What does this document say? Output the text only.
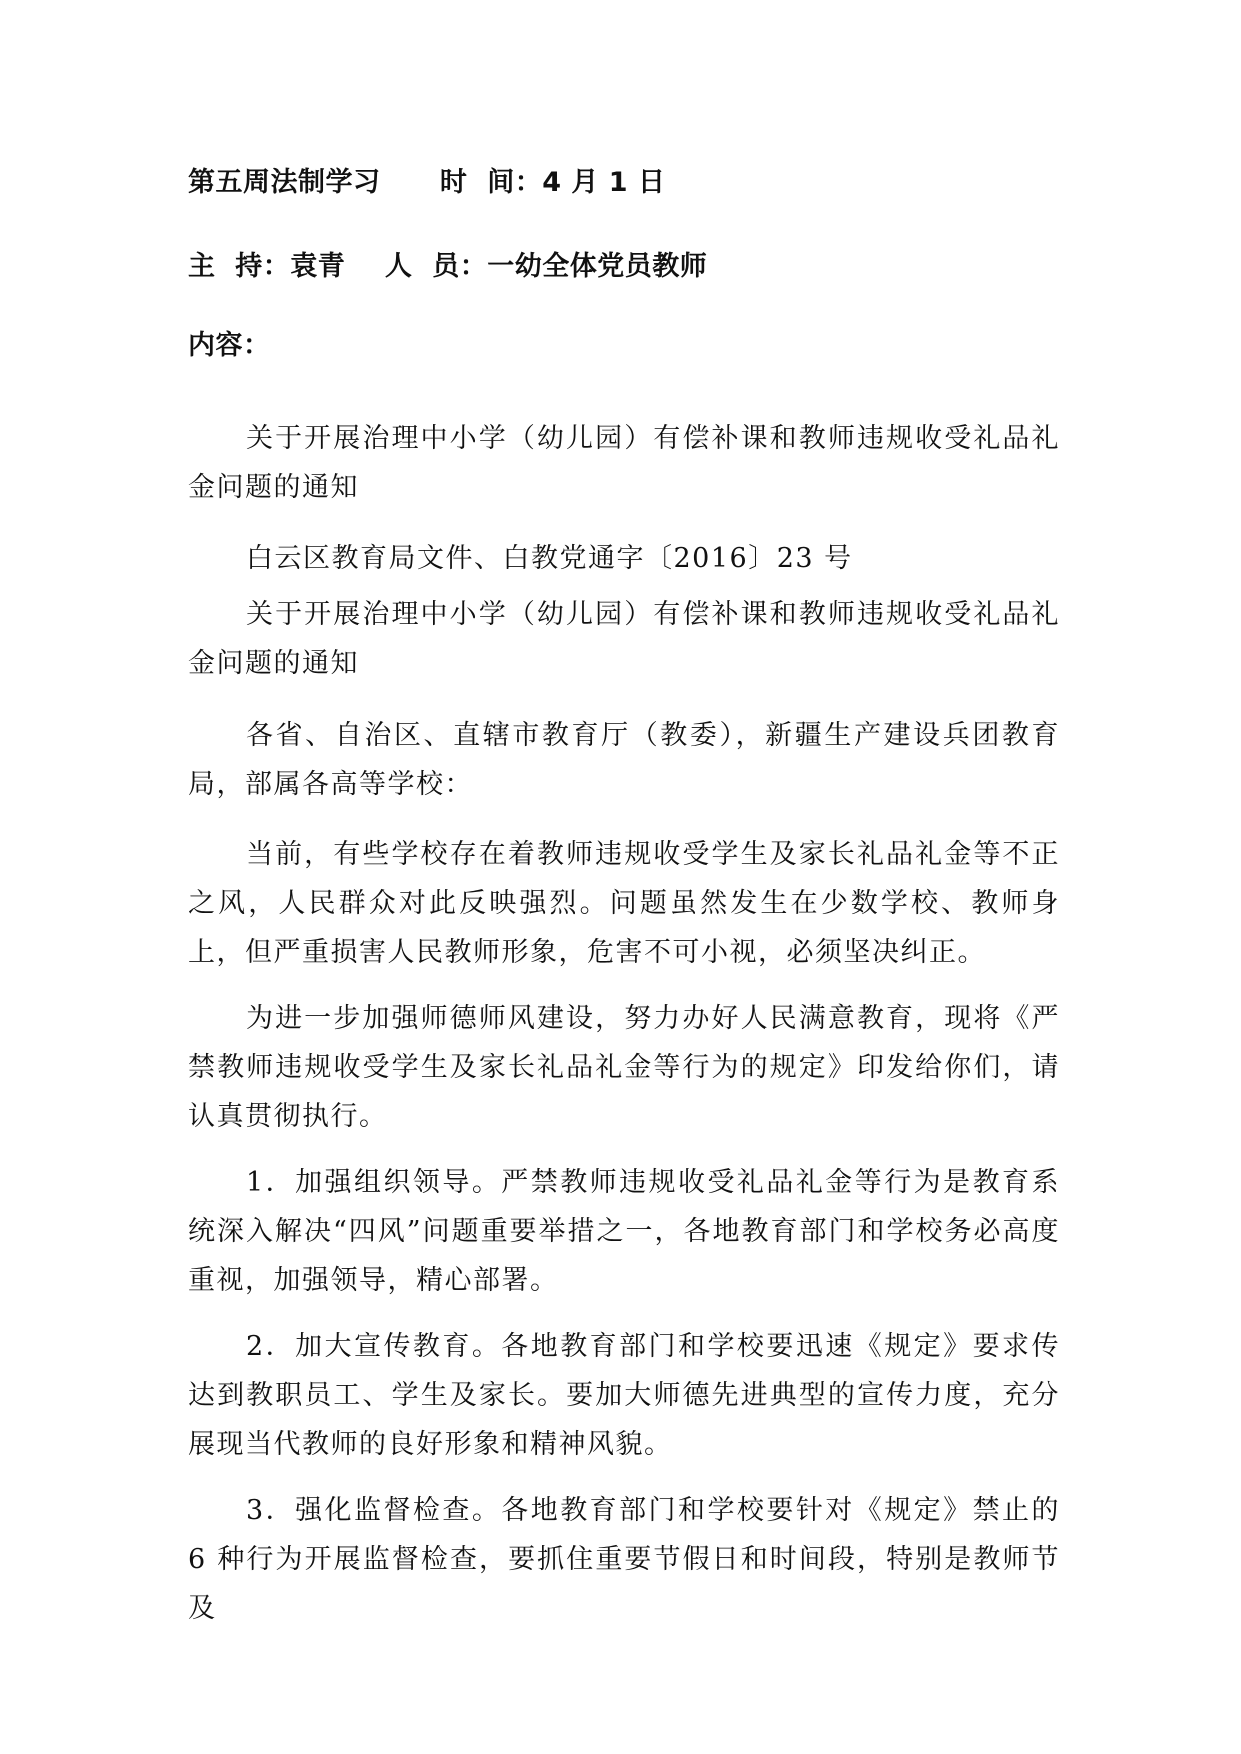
第五周法制学习      时  间：4 月 1 日
主  持：袁青    人  员：一幼全体党员教师
内容：

关于开展治理中小学（幼儿园）有偿补课和教师违规收受礼品礼金问题的通知

白云区教育局文件、白教党通字〔2016〕23 号

关于开展治理中小学（幼儿园）有偿补课和教师违规收受礼品礼金问题的通知

各省、自治区、直辖市教育厅（教委），新疆生产建设兵团教育局，部属各高等学校：

当前，有些学校存在着教师违规收受学生及家长礼品礼金等不正之风，人民群众对此反映强烈。问题虽然发生在少数学校、教师身上，但严重损害人民教师形象，危害不可小视，必须坚决纠正。

为进一步加强师德师风建设，努力办好人民满意教育，现将《严禁教师违规收受学生及家长礼品礼金等行为的规定》印发给你们，请认真贯彻执行。

1．加强组织领导。严禁教师违规收受礼品礼金等行为是教育系统深入解决“四风”问题重要举措之一，各地教育部门和学校务必高度重视，加强领导，精心部署。

2．加大宣传教育。各地教育部门和学校要迅速《规定》要求传达到教职员工、学生及家长。要加大师德先进典型的宣传力度，充分展现当代教师的良好形象和精神风貌。

3．强化监督检查。各地教育部门和学校要针对《规定》禁止的 6 种行为开展监督检查，要抓住重要节假日和时间段，特别是教师节及
